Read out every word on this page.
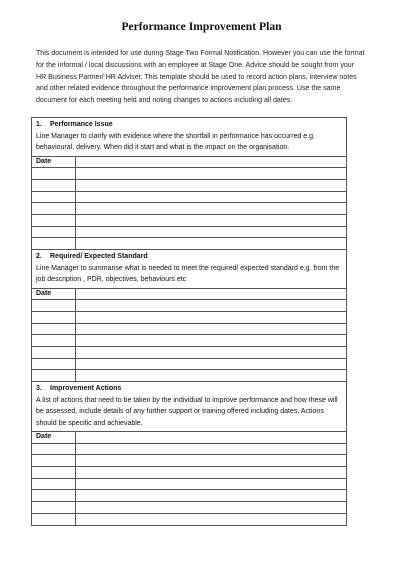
Performance Improvement Plan
This document is intended for use during Stage Two Formal Notification. However you can use the format for the informal / local discussions with an employee at Stage One. Advice should be sought from your HR Business Partner/ HR Adviser. This template should be used to record action plans, interview notes and other related evidence throughout the performance improvement plan process. Use the same document for each meeting held and noting changes to actions including all dates.
1. Performance Issue
Line Manager to clarify with evidence where the shortfall in performance has occurred e.g. behavioural, delivery. When did it start and what is the impact on the organisation.	

Date	

2. Required/ Expected Standard
Line Manager to summarise what is needed to meet the required/ expected standard e.g. from the job description , PDR, objectives, behaviours etc	

Date	

3. Improvement Actions
A list of actions that need to be taken by the individual to improve performance and how these will be assessed, include details of any further support or training offered including dates. Actions should be specific and achievable.	

Date	
